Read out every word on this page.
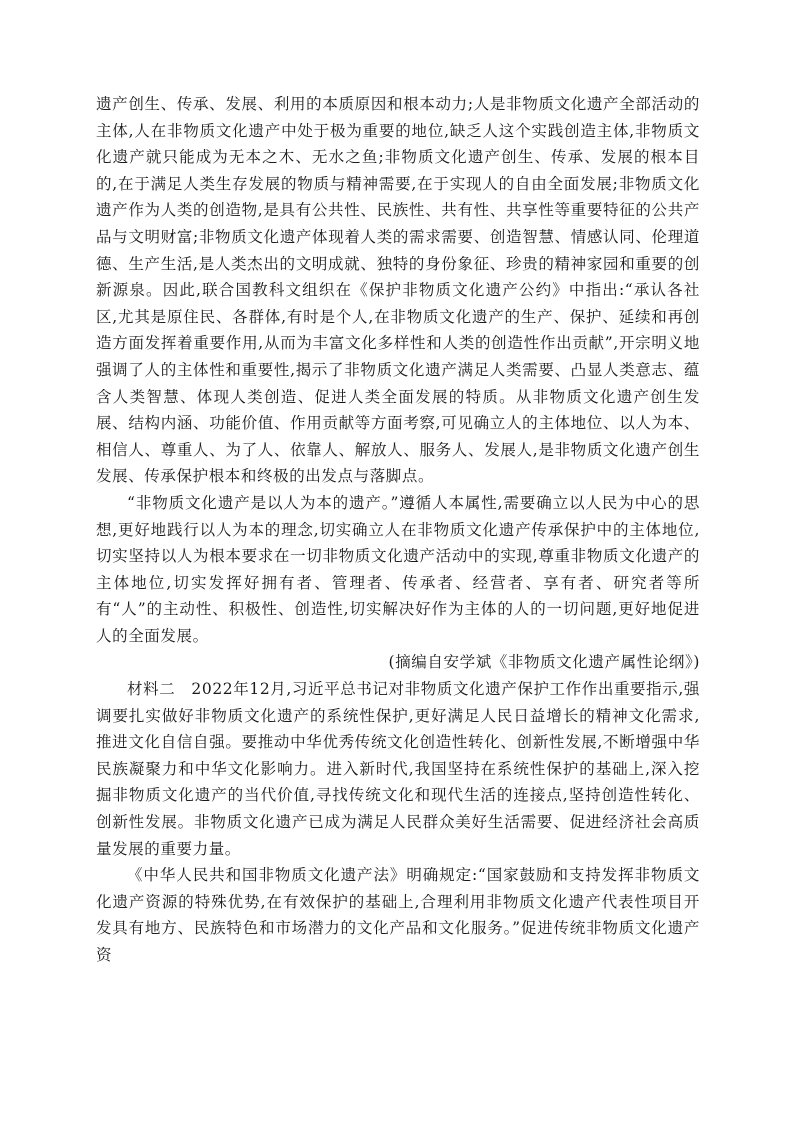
遗产创生、传承、发展、利用的本质原因和根本动力;人是非物质文化遗产全部活动的主体,人在非物质文化遗产中处于极为重要的地位,缺乏人这个实践创造主体,非物质文化遗产就只能成为无本之木、无水之鱼;非物质文化遗产创生、传承、发展的根本目的,在于满足人类生存发展的物质与精神需要,在于实现人的自由全面发展;非物质文化遗产作为人类的创造物,是具有公共性、民族性、共有性、共享性等重要特征的公共产品与文明财富;非物质文化遗产体现着人类的需求需要、创造智慧、情感认同、伦理道德、生产生活,是人类杰出的文明成就、独特的身份象征、珍贵的精神家园和重要的创新源泉。因此,联合国教科文组织在《保护非物质文化遗产公约》中指出:“承认各社区,尤其是原住民、各群体,有时是个人,在非物质文化遗产的生产、保护、延续和再创造方面发挥着重要作用,从而为丰富文化多样性和人类的创造性作出贡献”,开宗明义地强调了人的主体性和重要性,揭示了非物质文化遗产满足人类需要、凸显人类意志、蕴含人类智慧、体现人类创造、促进人类全面发展的特质。从非物质文化遗产创生发展、结构内涵、功能价值、作用贡献等方面考察,可见确立人的主体地位、以人为本、相信人、尊重人、为了人、依靠人、解放人、服务人、发展人,是非物质文化遗产创生发展、传承保护根本和终极的出发点与落脚点。

“非物质文化遗产是以人为本的遗产。”遵循人本属性,需要确立以人民为中心的思想,更好地践行以人为本的理念,切实确立人在非物质文化遗产传承保护中的主体地位,切实坚持以人为根本要求在一切非物质文化遗产活动中的实现,尊重非物质文化遗产的主体地位,切实发挥好拥有者、管理者、传承者、经营者、享有者、研究者等所有“人”的主动性、积极性、创造性,切实解决好作为主体的人的一切问题,更好地促进人的全面发展。

(摘编自安学斌《非物质文化遗产属性论纲》)

材料二　 2022年12月,习近平总书记对非物质文化遗产保护工作作出重要指示,强调要扎实做好非物质文化遗产的系统性保护,更好满足人民日益增长的精神文化需求,推进文化自信自强。要推动中华优秀传统文化创造性转化、创新性发展,不断增强中华民族凝聚力和中华文化影响力。进入新时代,我国坚持在系统性保护的基础上,深入挖掘非物质文化遗产的当代价值,寻找传统文化和现代生活的连接点,坚持创造性转化、创新性发展。非物质文化遗产已成为满足人民群众美好生活需要、促进经济社会高质量发展的重要力量。

《中华人民共和国非物质文化遗产法》明确规定:“国家鼓励和支持发挥非物质文化遗产资源的特殊优势,在有效保护的基础上,合理利用非物质文化遗产代表性项目开发具有地方、民族特色和市场潜力的文化产品和文化服务。”促进传统非物质文化遗产资
